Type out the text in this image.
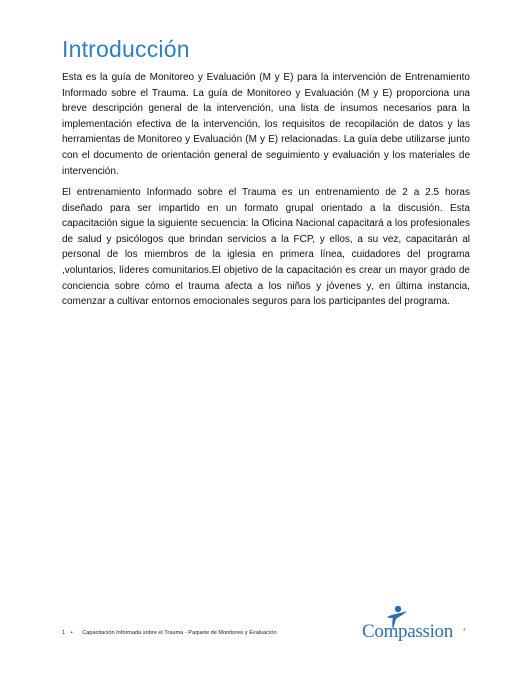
Introducción

Esta es la guía de Monitoreo y Evaluación (M y E) para la intervención de Entrenamiento Informado sobre el Trauma. La guía de Monitoreo y Evaluación (M y E) proporciona una breve descripción general de la intervención, una lista de insumos necesarios para la implementación efectiva de la intervención, los requisitos de recopilación de datos y las herramientas de Monitoreo y Evaluación (M y E) relacionadas. La guía debe utilizarse junto con el documento de orientación general de seguimiento y evaluación y los materiales de intervención.

El entrenamiento Informado sobre el Trauma es un entrenamiento de 2 a 2.5 horas diseñado para ser impartido en un formato grupal orientado a la discusión. Esta capacitación sigue la siguiente secuencia: la Oficina Nacional capacitará a los profesionales de salud y psicólogos que brindan servicios a la FCP, y ellos, a su vez, capacitarán al personal de los miembros de la iglesia en primera línea, cuidadores del programa ,voluntarios, líderes comunitarios.El objetivo de la capacitación es crear un mayor grado de conciencia sobre cómo el trauma afecta a los niños y jóvenes y, en última instancia, comenzar a cultivar entornos emocionales seguros para los participantes del programa.

1 • Capacitación Informada sobre el Trauma - Paquete de Monitoreo y Evaluación	Compassion	®
